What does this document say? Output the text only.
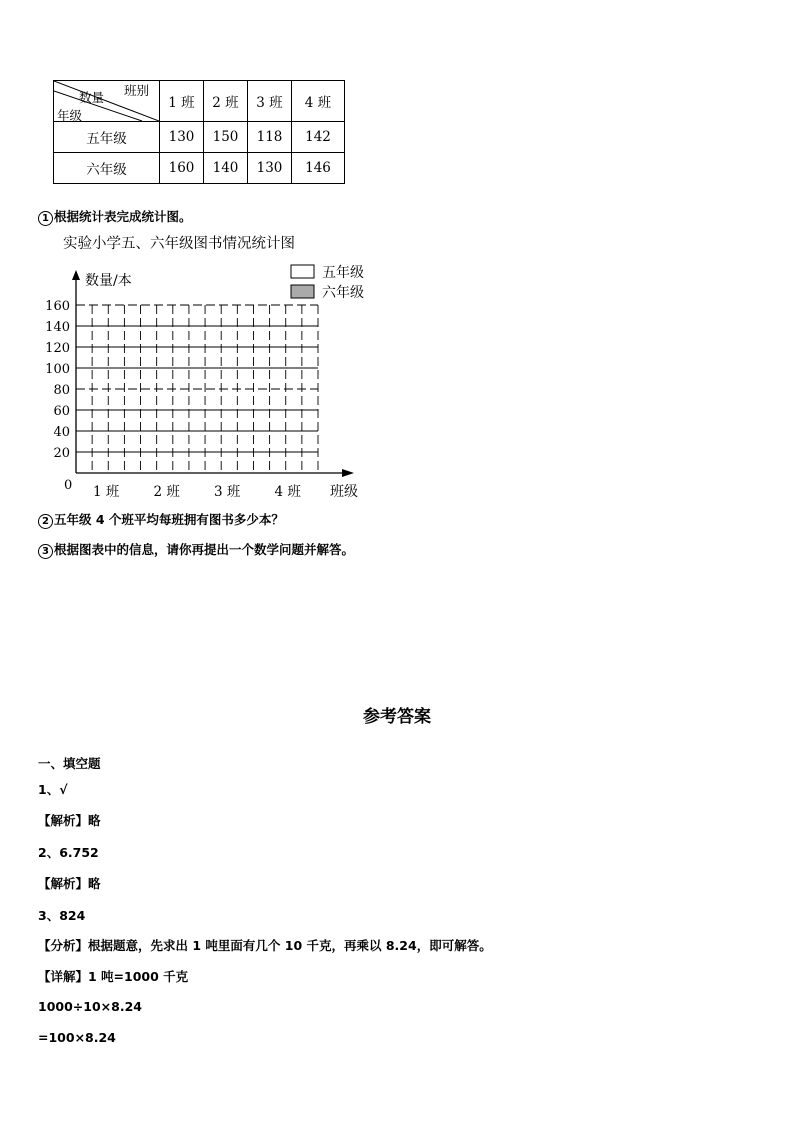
班别
数量
年级	1 班	2 班	3 班	4 班
五年级	130	150	118	142
六年级	160	140	130	146
1 根据统计表完成统计图。
实验小学五、六年级图书情况统计图
数量/本	五年级
六年级
20
40
60
80
100
120
140
160
1 班	2 班	3 班	4 班
0	班级
2 五年级 4 个班平均每班拥有图书多少本？
3 根据图表中的信息，请你再提出一个数学问题并解答。
参考答案
一、填空题
1、√
【解析】略
2、6.752
【解析】略
3、824
【分析】根据题意，先求出 1 吨里面有几个 10 千克，再乘以 8.24，即可解答。
【详解】1 吨=1000 千克
1000÷10×8.24
=100×8.24
